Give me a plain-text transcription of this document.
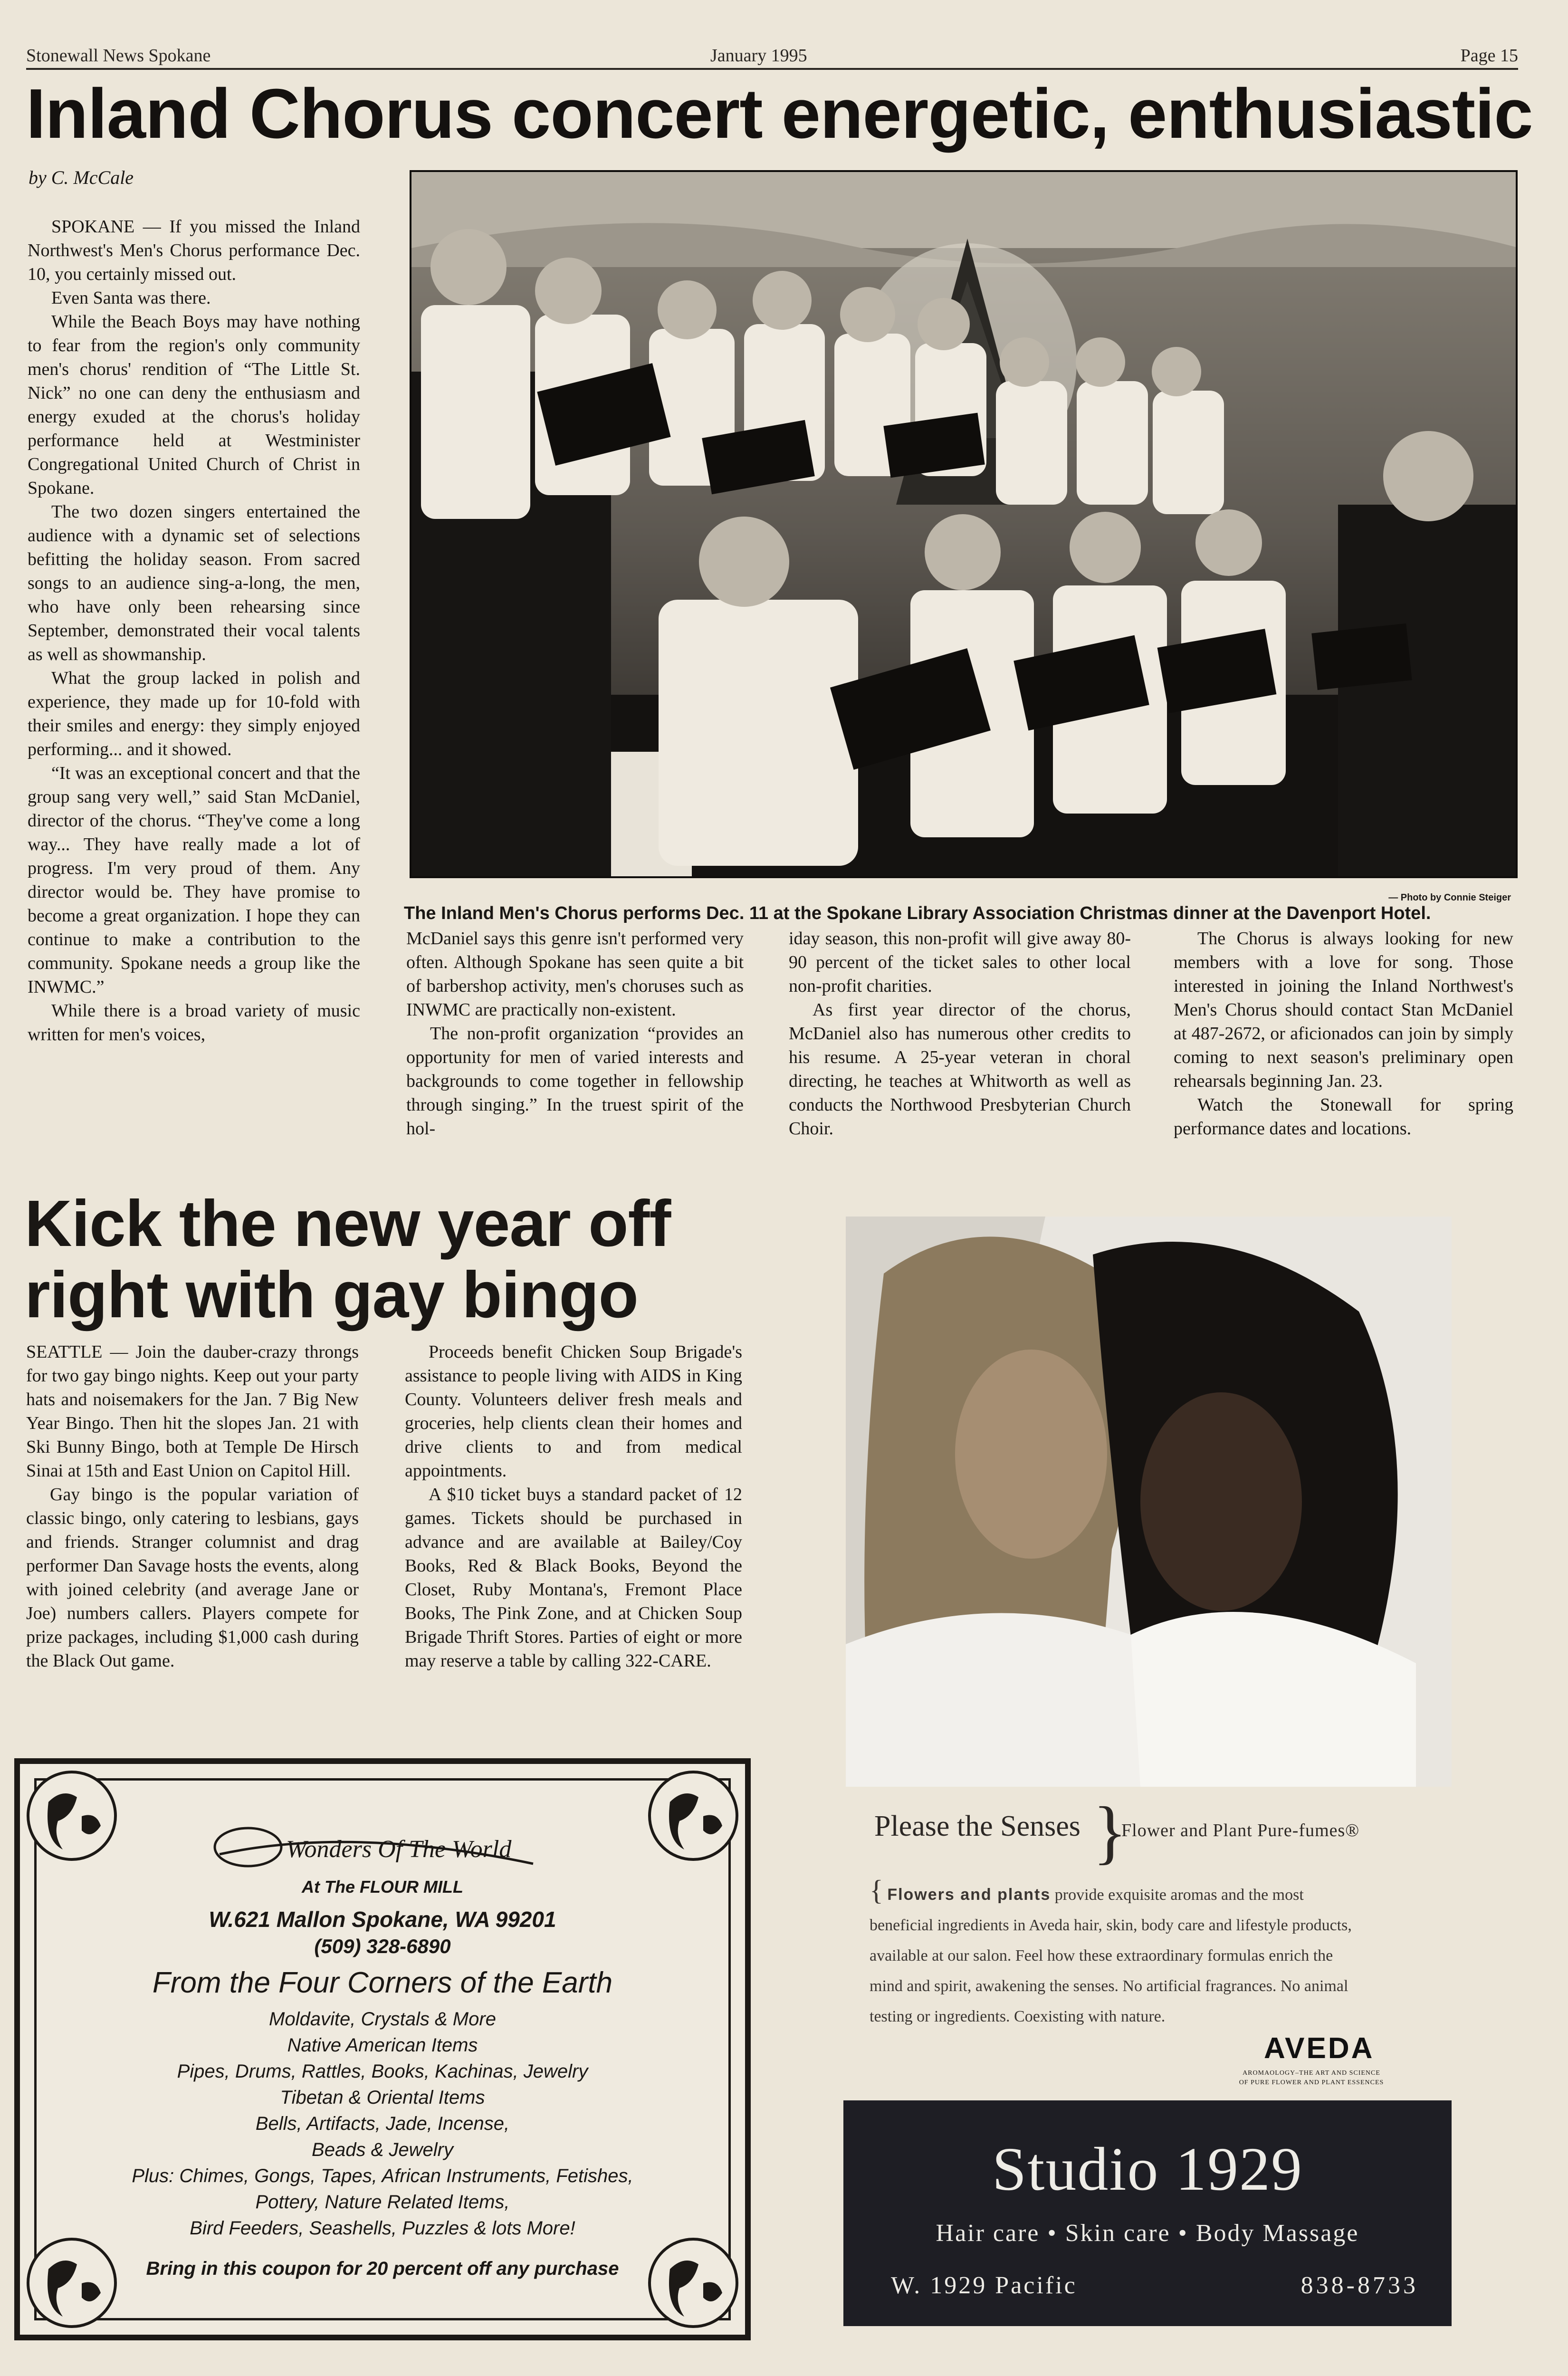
Stonewall News Spokane	January 1995	Page 15
Inland Chorus concert energetic, enthusiastic
by C. McCale

SPOKANE — If you missed the Inland Northwest's Men's Chorus performance Dec. 10, you certainly missed out.

Even Santa was there.

While the Beach Boys may have nothing to fear from the region's only community men's chorus' rendition of “The Little St. Nick” no one can deny the enthusiasm and energy exuded at the chorus's holiday performance held at Westminister Congregational United Church of Christ in Spokane.

The two dozen singers entertained the audience with a dynamic set of selections befitting the holiday season. From sacred songs to an audience sing-a-long, the men, who have only been rehearsing since September, demonstrated their vocal talents as well as showmanship.

What the group lacked in polish and experience, they made up for 10-fold with their smiles and energy: they simply enjoyed performing... and it showed.

“It was an exceptional concert and that the group sang very well,” said Stan McDaniel, director of the chorus. “They've come a long way... They have really made a lot of progress. I'm very proud of them. Any director would be. They have promise to become a great organization. I hope they can continue to make a contribution to the community. Spokane needs a group like the INWMC.”

While there is a broad variety of music written for men's voices,

— Photo by Connie Steiger
The Inland Men's Chorus performs Dec. 11 at the Spokane Library Association Christmas dinner at the Davenport Hotel.

McDaniel says this genre isn't performed very often. Although Spokane has seen quite a bit of barbershop activity, men's choruses such as INWMC are practically non-existent.

The non-profit organization “provides an opportunity for men of varied interests and backgrounds to come together in fellowship through singing.” In the truest spirit of the hol-

iday season, this non-profit will give away 80-90 percent of the ticket sales to other local non-profit charities.

As first year director of the chorus, McDaniel also has numerous other credits to his resume. A 25-year veteran in choral directing, he teaches at Whitworth as well as conducts the Northwood Presbyterian Church Choir.

The Chorus is always looking for new members with a love for song. Those interested in joining the Inland Northwest's Men's Chorus should contact Stan McDaniel at 487-2672, or aficionados can join by simply coming to next season's preliminary open rehearsals beginning Jan. 23.

Watch the Stonewall for spring performance dates and locations.

Kick the new year off
right with gay bingo

SEATTLE — Join the dauber-crazy throngs for two gay bingo nights. Keep out your party hats and noisemakers for the Jan. 7 Big New Year Bingo. Then hit the slopes Jan. 21 with Ski Bunny Bingo, both at Temple De Hirsch Sinai at 15th and East Union on Capitol Hill.

Gay bingo is the popular variation of classic bingo, only catering to lesbians, gays and friends. Stranger columnist and drag performer Dan Savage hosts the events, along with joined celebrity (and average Jane or Joe) numbers callers. Players compete for prize packages, including $1,000 cash during the Black Out game.

Proceeds benefit Chicken Soup Brigade's assistance to people living with AIDS in King County. Volunteers deliver fresh meals and groceries, help clients clean their homes and drive clients to and from medical appointments.

A $10 ticket buys a standard packet of 12 games. Tickets should be purchased in advance and are available at Bailey/Coy Books, Red & Black Books, Beyond the Closet, Ruby Montana's, Fremont Place Books, The Pink Zone, and at Chicken Soup Brigade Thrift Stores. Parties of eight or more may reserve a table by calling 322-CARE.

Wonders Of The World
At The FLOUR MILL
W.621 Mallon Spokane, WA 99201
(509) 328-6890
From the Four Corners of the Earth
Moldavite, Crystals & More
Native American Items
Pipes, Drums, Rattles, Books, Kachinas, Jewelry
Tibetan & Oriental Items
Bells, Artifacts, Jade, Incense,
Beads & Jewelry
Plus: Chimes, Gongs, Tapes, African Instruments, Fetishes,
Pottery, Nature Related Items,
Bird Feeders, Seashells, Puzzles & lots More!
Bring in this coupon for 20 percent off any purchase
Please the Senses }
Flower and Plant Pure-fumes®
{ Flowers and plants provide exquisite aromas and the most beneficial ingredients in Aveda hair, skin, body care and lifestyle products, available at our salon. Feel how these extraordinary formulas enrich the mind and spirit, awakening the senses. No artificial fragrances. No animal testing or ingredients. Coexisting with nature.
AVEDA
AROMAOLOGY–THE ART AND SCIENCE
OF PURE FLOWER AND PLANT ESSENCES
Studio 1929
Hair care • Skin care • Body Massage
W. 1929 Pacific	838-8733
